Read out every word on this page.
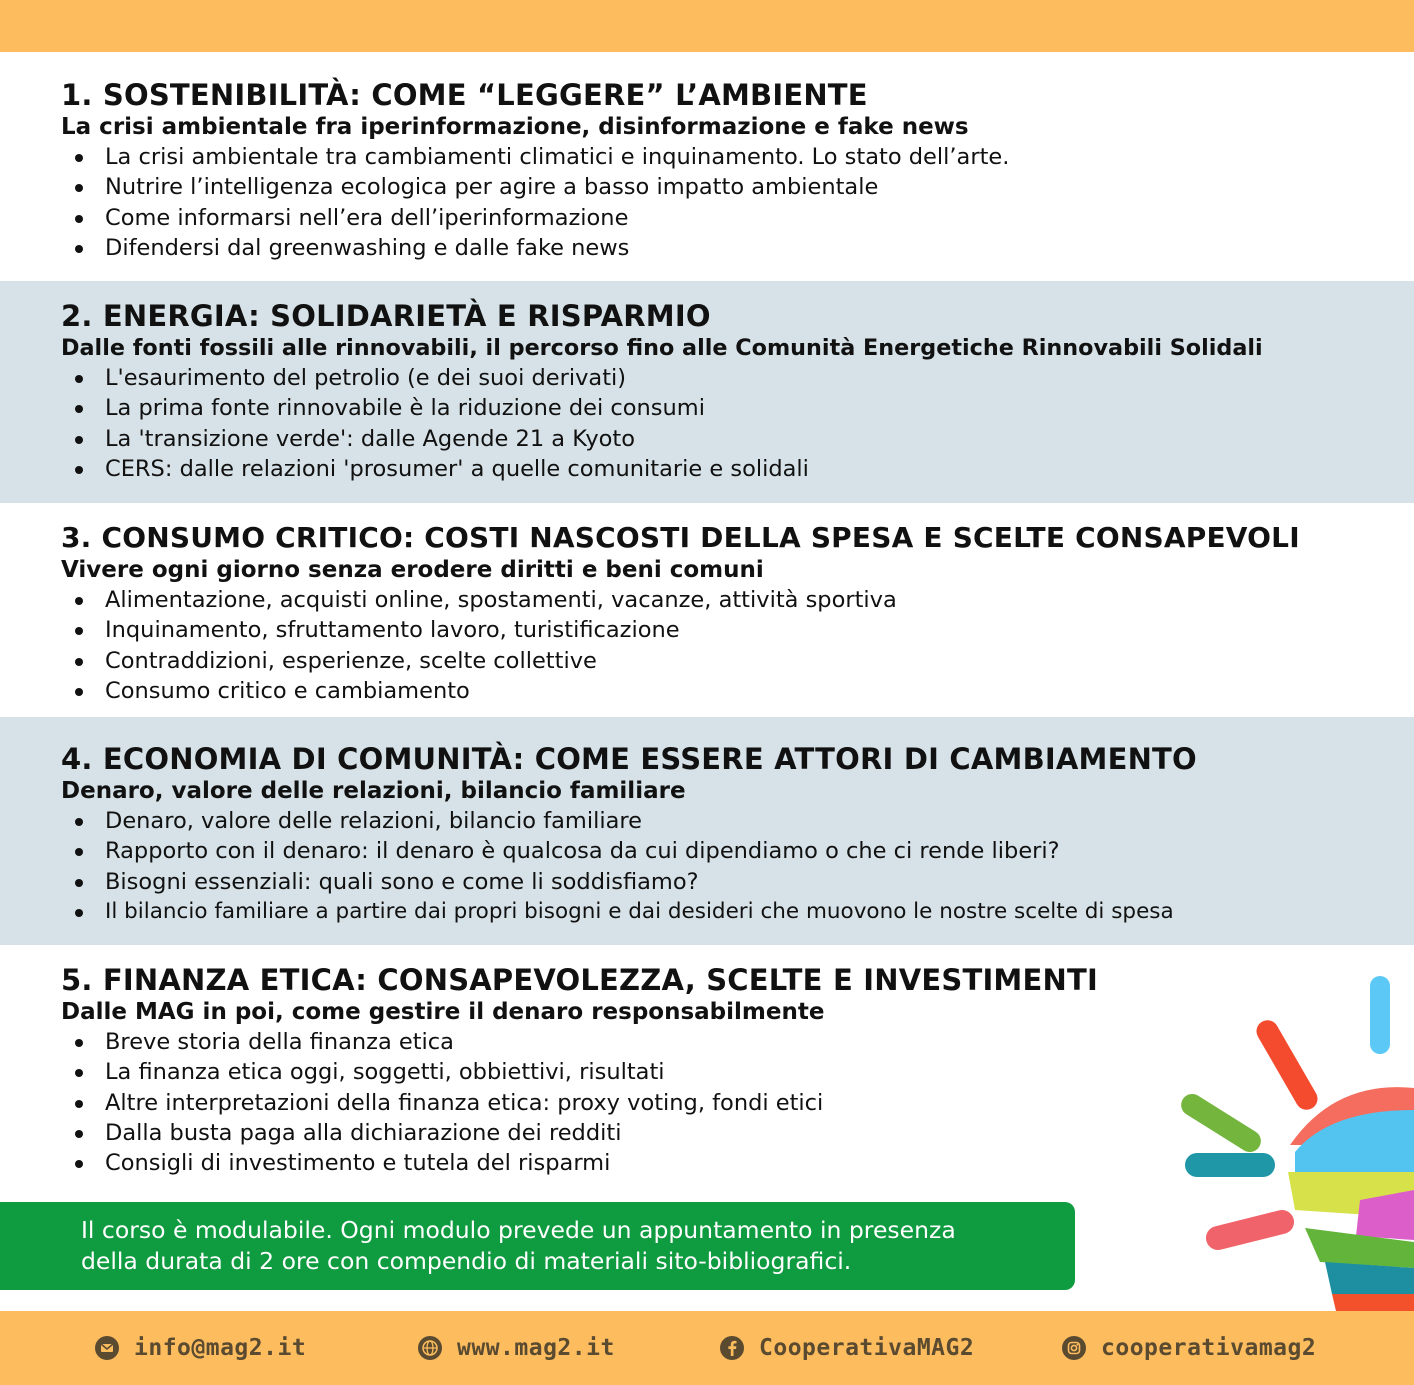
1. SOSTENIBILITÀ: COME “LEGGERE” L’AMBIENTE

La crisi ambientale fra iperinformazione, disinformazione e fake news

La crisi ambientale tra cambiamenti climatici e inquinamento. Lo stato dell’arte.
Nutrire l’intelligenza ecologica per agire a basso impatto ambientale
Come informarsi nell’era dell’iperinformazione
Difendersi dal greenwashing e dalle fake news
2. ENERGIA: SOLIDARIETÀ E RISPARMIO

Dalle fonti fossili alle rinnovabili, il percorso fino alle Comunità Energetiche Rinnovabili Solidali

L'esaurimento del petrolio (e dei suoi derivati)
La prima fonte rinnovabile è la riduzione dei consumi
La 'transizione verde': dalle Agende 21 a Kyoto
CERS: dalle relazioni 'prosumer' a quelle comunitarie e solidali
3. CONSUMO CRITICO: COSTI NASCOSTI DELLA SPESA E SCELTE CONSAPEVOLI

Vivere ogni giorno senza erodere diritti e beni comuni

Alimentazione, acquisti online, spostamenti, vacanze, attività sportiva
Inquinamento, sfruttamento lavoro, turistificazione
Contraddizioni, esperienze, scelte collettive
Consumo critico e cambiamento
4. ECONOMIA DI COMUNITÀ: COME ESSERE ATTORI DI CAMBIAMENTO

Denaro, valore delle relazioni, bilancio familiare

Denaro, valore delle relazioni, bilancio familiare
Rapporto con il denaro: il denaro è qualcosa da cui dipendiamo o che ci rende liberi?
Bisogni essenziali: quali sono e come li soddisfiamo?
Il bilancio familiare a partire dai propri bisogni e dai desideri che muovono le nostre scelte di spesa
5. FINANZA ETICA: CONSAPEVOLEZZA, SCELTE E INVESTIMENTI

Dalle MAG in poi, come gestire il denaro responsabilmente

Breve storia della finanza etica
La finanza etica oggi, soggetti, obbiettivi, risultati
Altre interpretazioni della finanza etica: proxy voting, fondi etici
Dalla busta paga alla dichiarazione dei redditi
Consigli di investimento e tutela del risparmi
Il corso è modulabile. Ogni modulo prevede un appuntamento in presenza
della durata di 2 ore con compendio di materiali sito-bibliografici.
info@mag2.it	www.mag2.it	CooperativaMAG2	cooperativamag2
